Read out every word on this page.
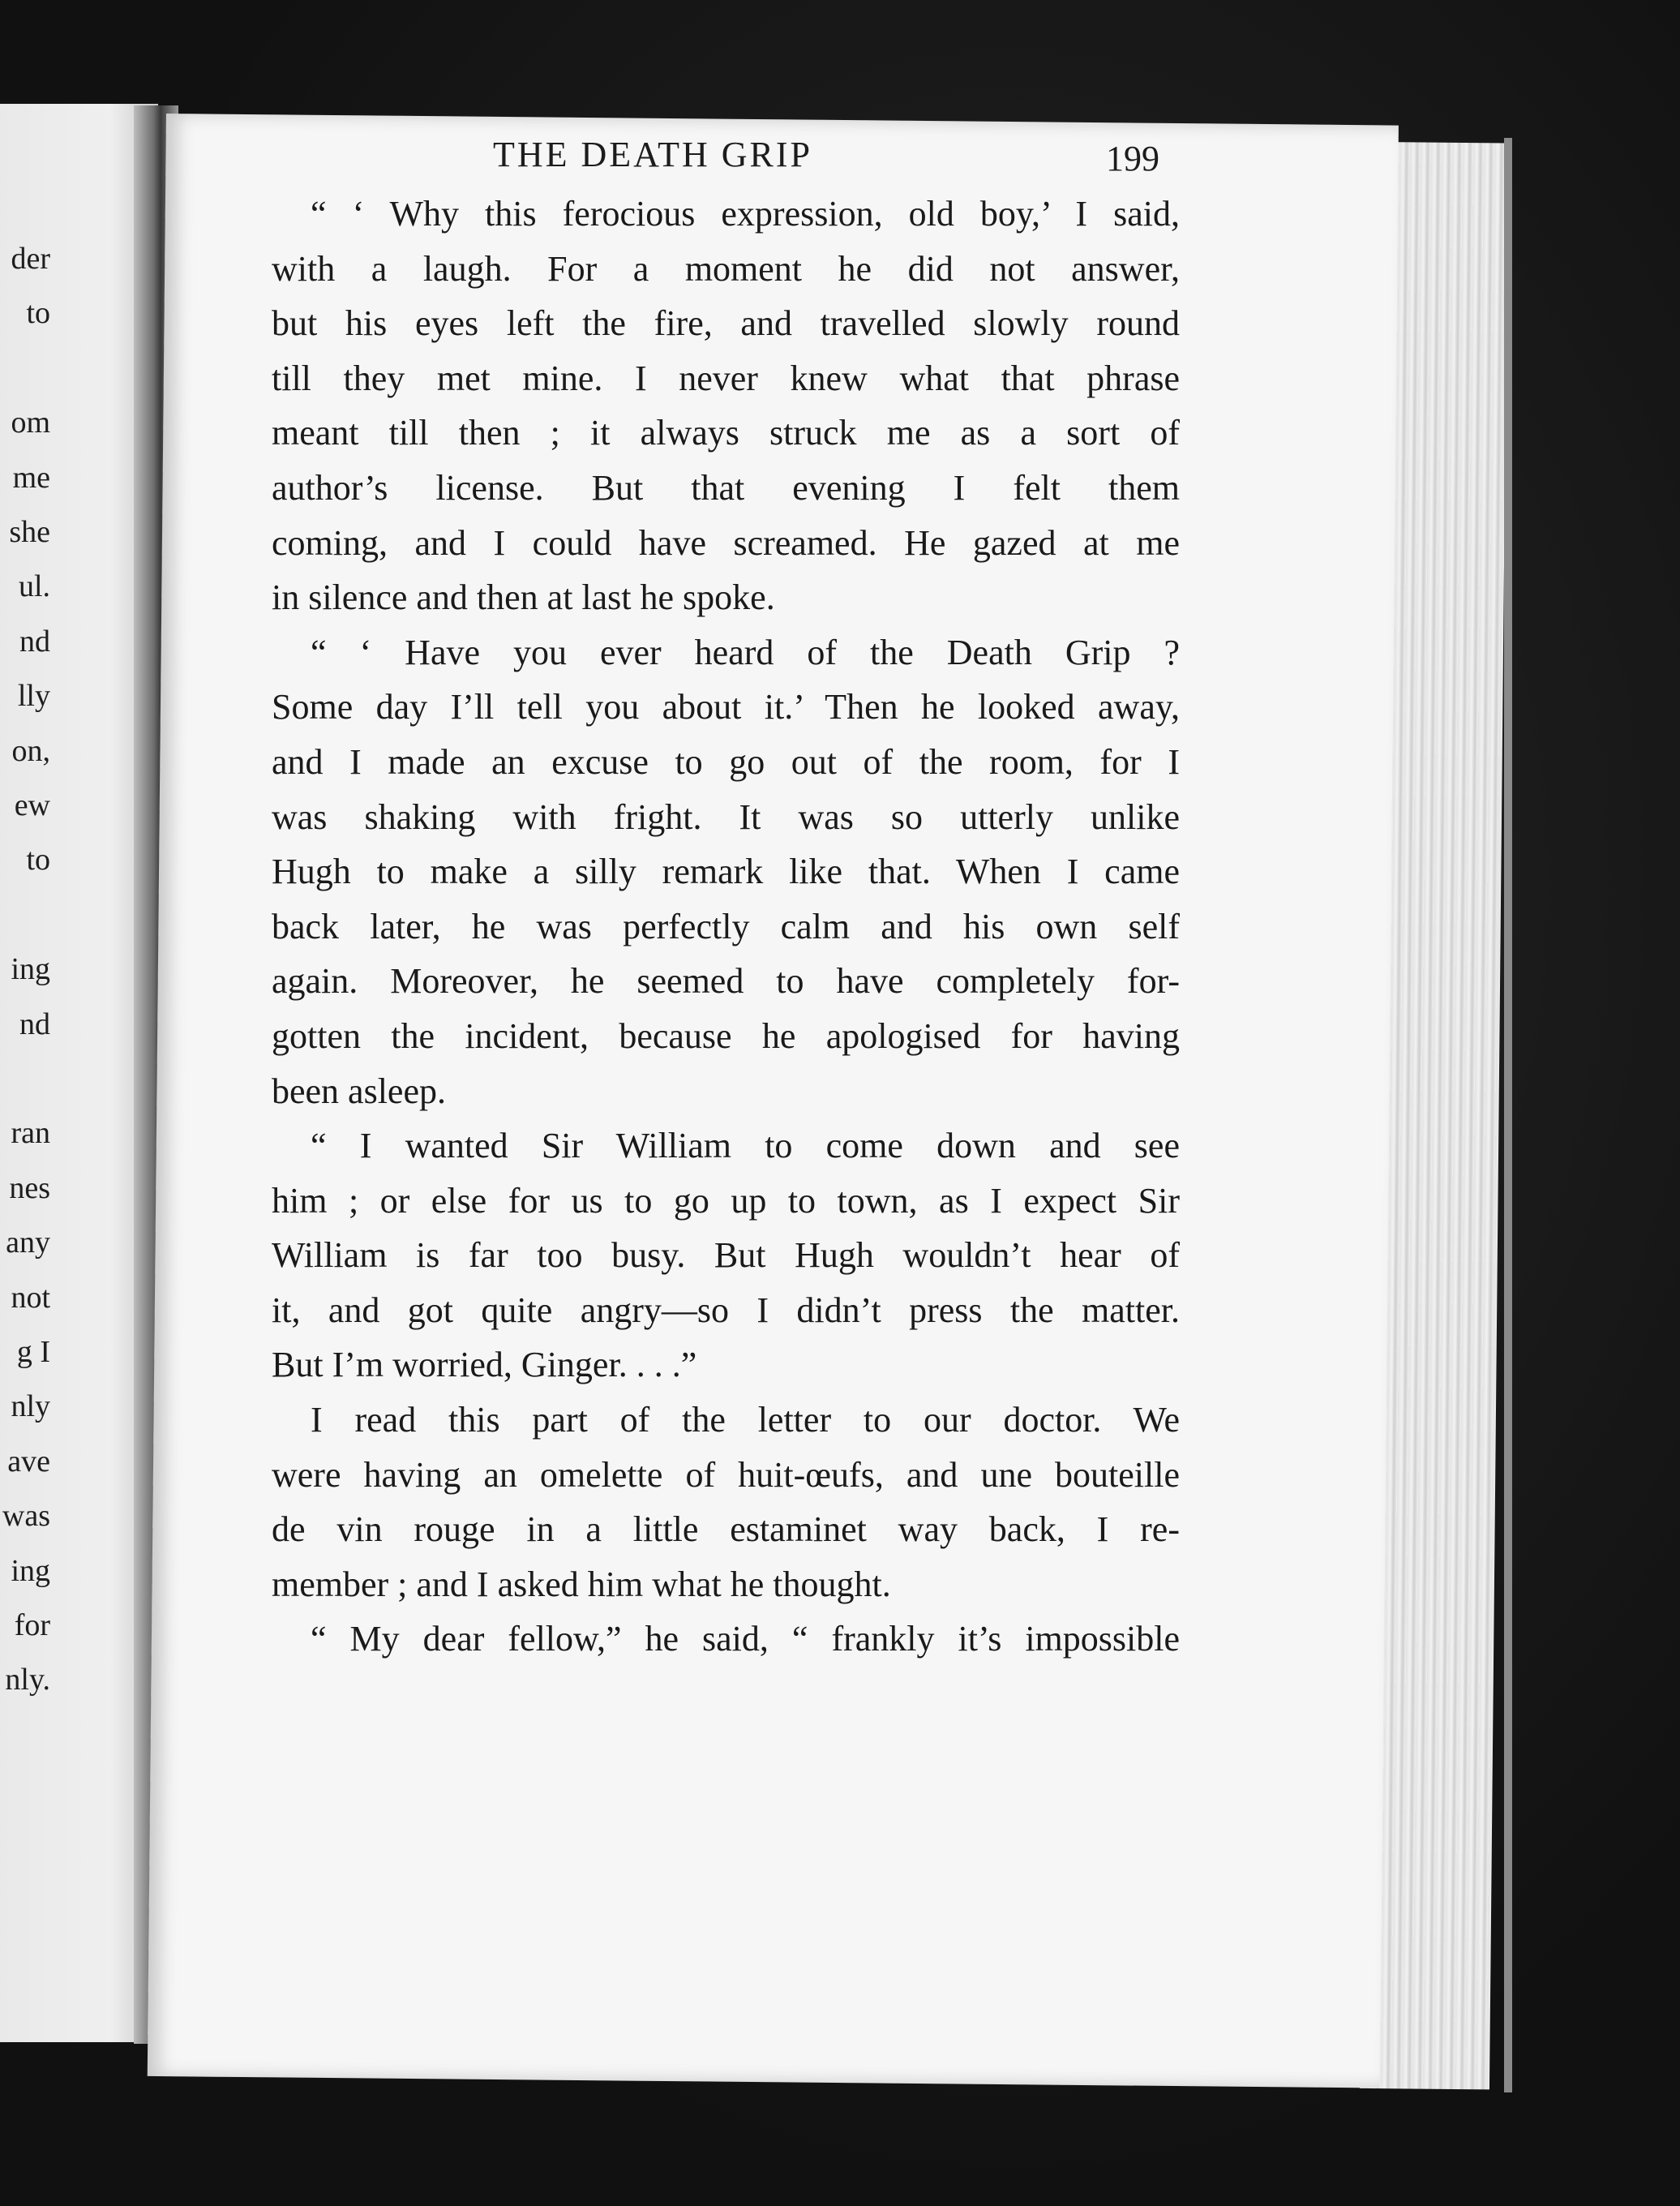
der
to
om
me
she
ul.
nd
lly
on,
ew
to
ing
nd
ran
nes
any
not
g I
nly
ave
was
ing
for
nly.
THE DEATH GRIP	199
“ ‘ Why this ferocious expression, old boy,’ I said,
with a laugh. For a moment he did not answer,
but his eyes left the fire, and travelled slowly round
till they met mine. I never knew what that phrase
meant till then ; it always struck me as a sort of
author’s license. But that evening I felt them
coming, and I could have screamed. He gazed at me
in silence and then at last he spoke.
“ ‘ Have you ever heard of the Death Grip ?
Some day I’ll tell you about it.’ Then he looked away,
and I made an excuse to go out of the room, for I
was shaking with fright. It was so utterly unlike
Hugh to make a silly remark like that. When I came
back later, he was perfectly calm and his own self
again. Moreover, he seemed to have completely for-
gotten the incident, because he apologised for having
been asleep.
“ I wanted Sir William to come down and see
him ; or else for us to go up to town, as I expect Sir
William is far too busy. But Hugh wouldn’t hear of
it, and got quite angry—so I didn’t press the matter.
But I’m worried, Ginger. . . .”
I read this part of the letter to our doctor. We
were having an omelette of huit-œufs, and une bouteille
de vin rouge in a little estaminet way back, I re-
member ; and I asked him what he thought.
“ My dear fellow,” he said, “ frankly it’s impossible
